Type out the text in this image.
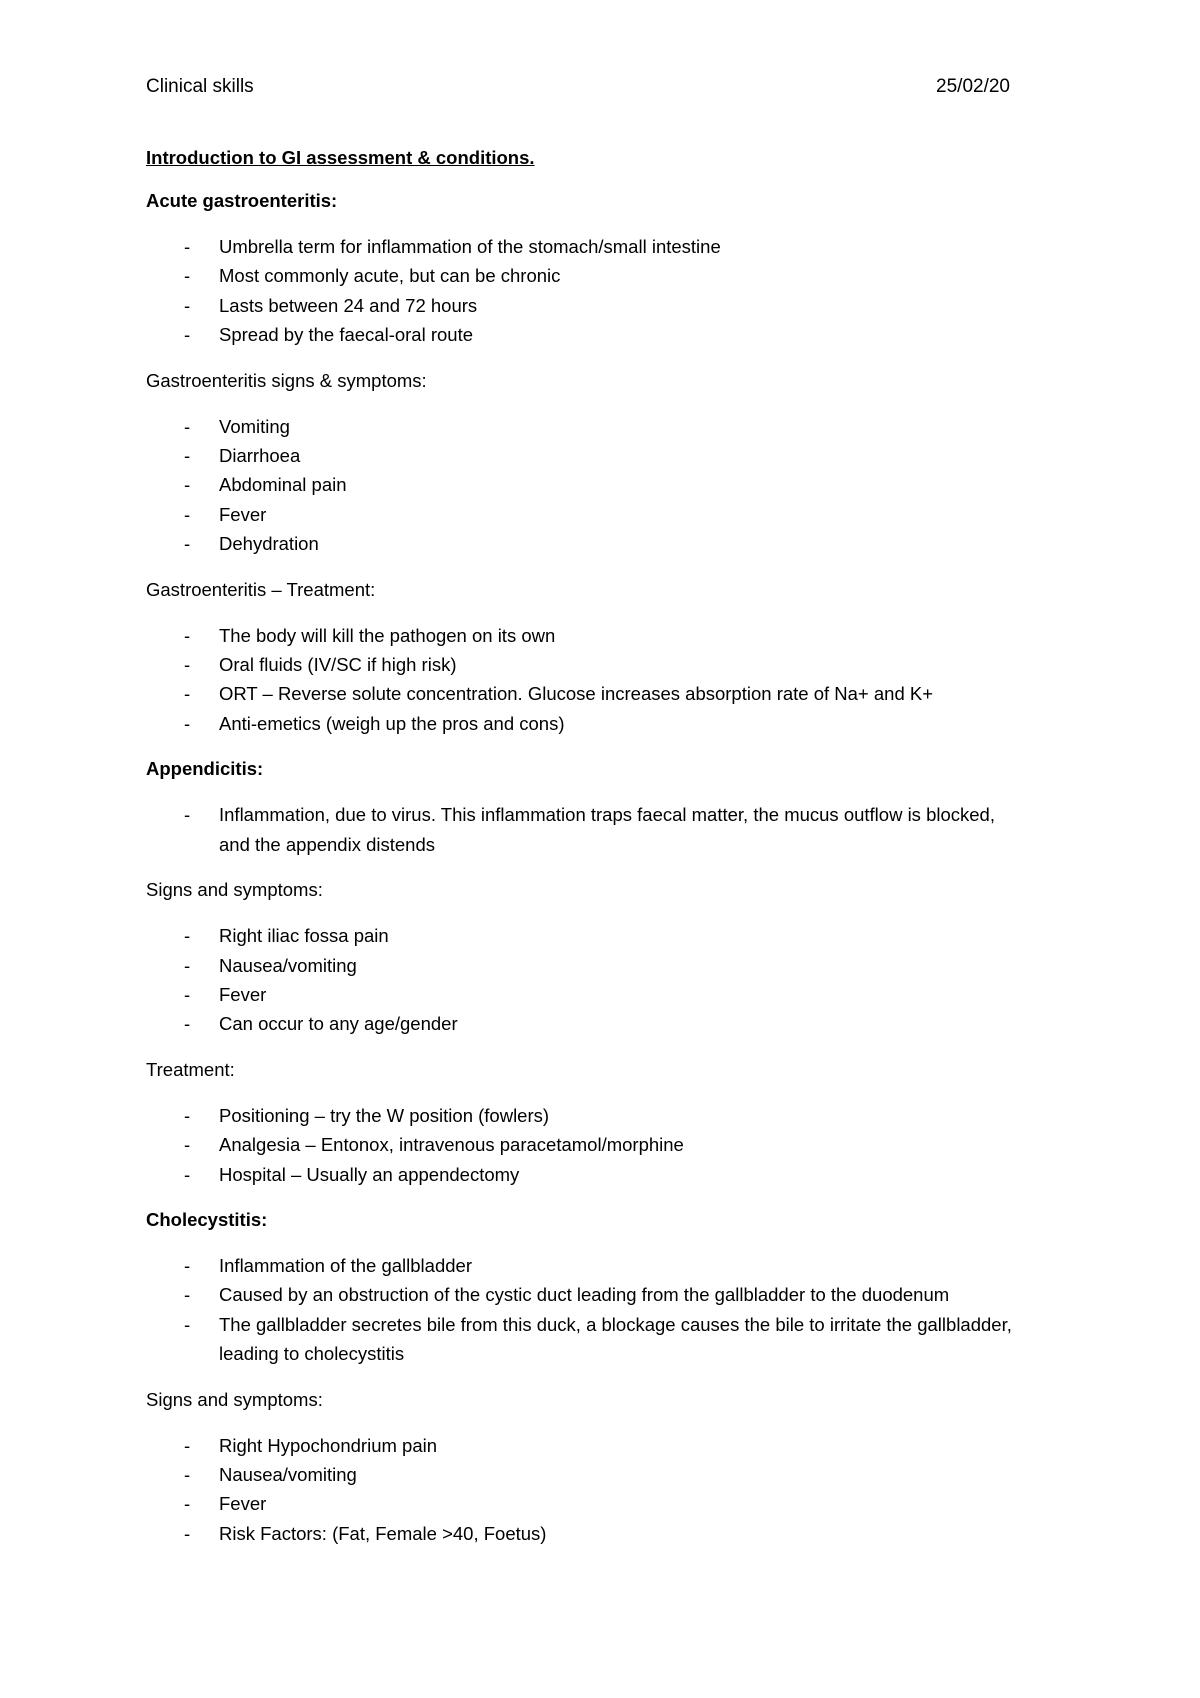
Clinical skills	25/02/20
Introduction to GI assessment & conditions.
Acute gastroenteritis:
- Umbrella term for inflammation of the stomach/small intestine
- Most commonly acute, but can be chronic
- Lasts between 24 and 72 hours
- Spread by the faecal-oral route
Gastroenteritis signs & symptoms:
- Vomiting
- Diarrhoea
- Abdominal pain
- Fever
- Dehydration
Gastroenteritis – Treatment:
- The body will kill the pathogen on its own
- Oral fluids (IV/SC if high risk)
- ORT – Reverse solute concentration. Glucose increases absorption rate of Na+ and K+
- Anti-emetics (weigh up the pros and cons)
Appendicitis:
- Inflammation, due to virus. This inflammation traps faecal matter, the mucus outflow is blocked, and the appendix distends
Signs and symptoms:
- Right iliac fossa pain
- Nausea/vomiting
- Fever
- Can occur to any age/gender
Treatment:
- Positioning – try the W position (fowlers)
- Analgesia – Entonox, intravenous paracetamol/morphine
- Hospital – Usually an appendectomy
Cholecystitis:
- Inflammation of the gallbladder
- Caused by an obstruction of the cystic duct leading from the gallbladder to the duodenum
- The gallbladder secretes bile from this duck, a blockage causes the bile to irritate the gallbladder, leading to cholecystitis
Signs and symptoms:
- Right Hypochondrium pain
- Nausea/vomiting
- Fever
- Risk Factors: (Fat, Female >40, Foetus)
